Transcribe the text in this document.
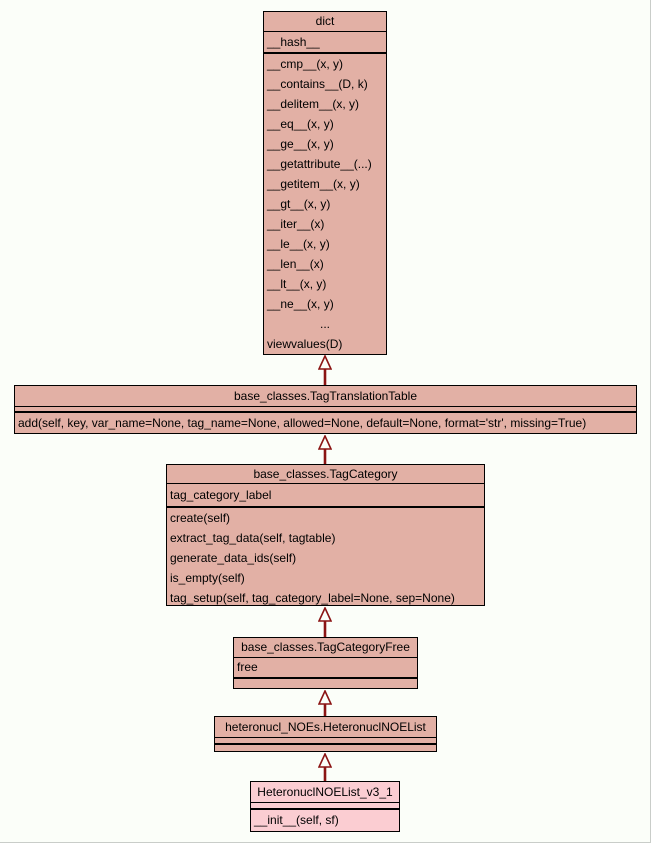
dict
__hash__
__cmp__(x, y)
__contains__(D, k)
__delitem__(x, y)
__eq__(x, y)
__ge__(x, y)
__getattribute__(...)
__getitem__(x, y)
__gt__(x, y)
__iter__(x)
__le__(x, y)
__len__(x)
__lt__(x, y)
__ne__(x, y)
...
viewvalues(D)
base_classes.TagTranslationTable
add(self, key, var_name=None, tag_name=None, allowed=None, default=None, format='str', missing=True)
base_classes.TagCategory
tag_category_label
create(self)
extract_tag_data(self, tagtable)
generate_data_ids(self)
is_empty(self)
tag_setup(self, tag_category_label=None, sep=None)
base_classes.TagCategoryFree
free
heteronucl_NOEs.HeteronuclNOEList
HeteronuclNOEList_v3_1
__init__(self, sf)
